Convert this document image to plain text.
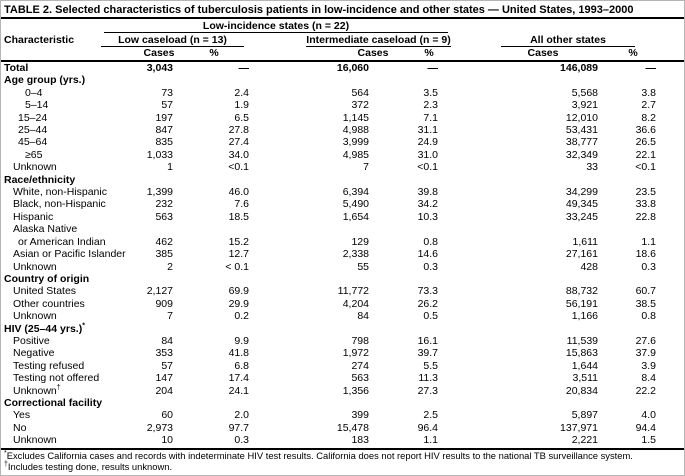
TABLE 2. Selected characteristics of tuberculosis patients in low-incidence and other states — United States, 1993–2000
Low-incidence states (n = 22)
Characteristic	Low caseload (n = 13)	Intermediate caseload (n = 9)	All other states
Cases	%	Cases	%	Cases	%
Total	3,043	—	16,060	—	146,089	—	
Age group (yrs.)							
0–4	73	2.4	564	3.5	5,568	3.8	
5–14	57	1.9	372	2.3	3,921	2.7	
15–24	197	6.5	1,145	7.1	12,010	8.2	
25–44	847	27.8	4,988	31.1	53,431	36.6	
45–64	835	27.4	3,999	24.9	38,777	26.5	
≥65	1,033	34.0	4,985	31.0	32,349	22.1	
Unknown	1	<0.1	7	<0.1	33	<0.1	
Race/ethnicity							
White, non-Hispanic	1,399	46.0	6,394	39.8	34,299	23.5	
Black, non-Hispanic	232	7.6	5,490	34.2	49,345	33.8	
Hispanic	563	18.5	1,654	10.3	33,245	22.8	
Alaska Native							
or American Indian	462	15.2	129	0.8	1,611	1.1	
Asian or Pacific Islander	385	12.7	2,338	14.6	27,161	18.6	
Unknown	2	< 0.1	55	0.3	428	0.3	
Country of origin							
United States	2,127	69.9	11,772	73.3	88,732	60.7	
Other countries	909	29.9	4,204	26.2	56,191	38.5	
Unknown	7	0.2	84	0.5	1,166	0.8	
HIV (25–44 yrs.)*							
Positive	84	9.9	798	16.1	11,539	27.6	
Negative	353	41.8	1,972	39.7	15,863	37.9	
Testing refused	57	6.8	274	5.5	1,644	3.9	
Testing not offered	147	17.4	563	11.3	3,511	8.4	
Unknown†	204	24.1	1,356	27.3	20,834	22.2	
Correctional facility							
Yes	60	2.0	399	2.5	5,897	4.0	
No	2,973	97.7	15,478	96.4	137,971	94.4	
Unknown	10	0.3	183	1.1	2,221	1.5	
*Excludes California cases and records with indeterminate HIV test results. California does not report HIV results to the national TB surveillance system.
†Includes testing done, results unknown.
